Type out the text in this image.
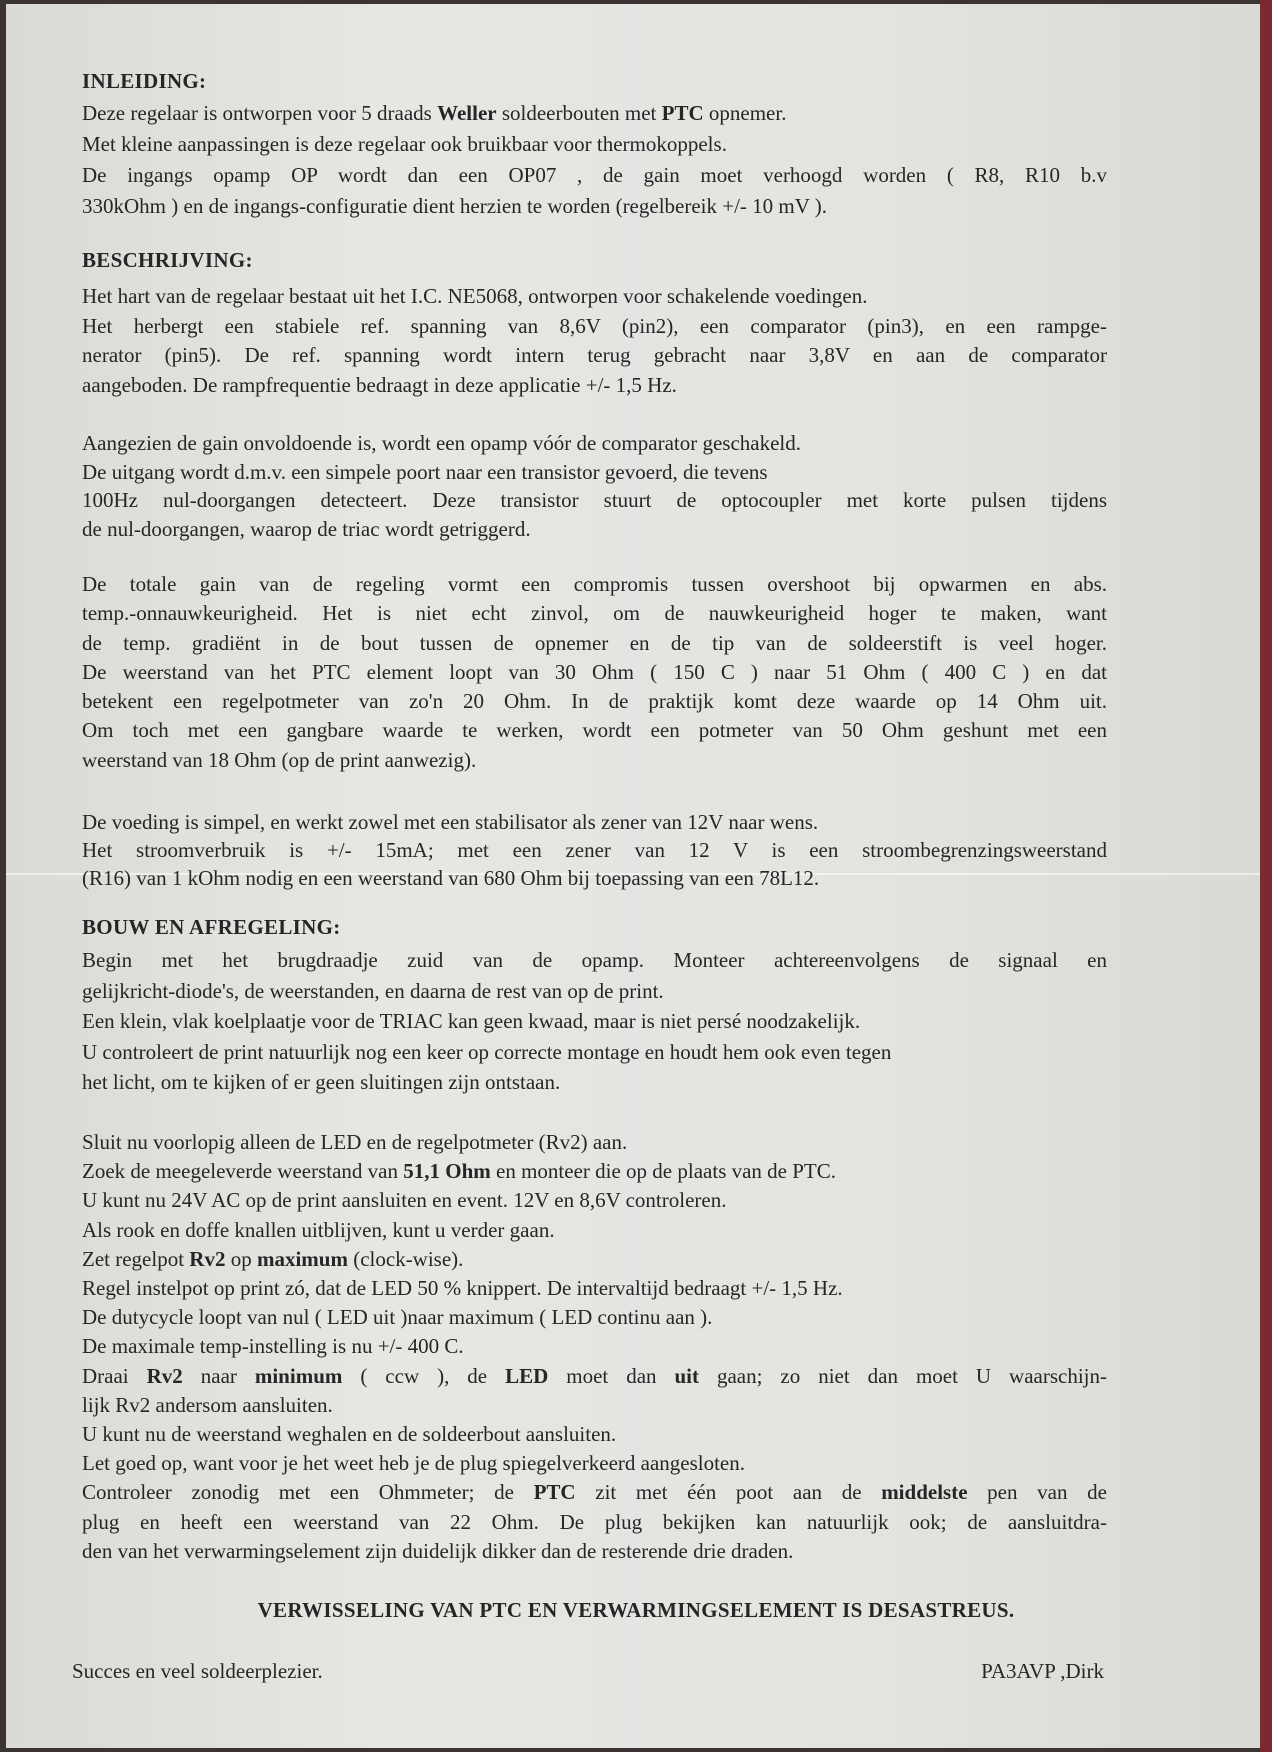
INLEIDING:
Deze regelaar is ontworpen voor 5 draads Weller soldeerbouten met PTC opnemer.
Met kleine aanpassingen is deze regelaar ook bruikbaar voor thermokoppels.
De ingangs opamp OP wordt dan een OP07 , de gain moet verhoogd worden ( R8, R10 b.v
330kOhm ) en de ingangs-configuratie dient herzien te worden (regelbereik +/- 10 mV ).
BESCHRIJVING:
Het hart van de regelaar bestaat uit het I.C. NE5068, ontworpen voor schakelende voedingen.
Het herbergt een stabiele ref. spanning van 8,6V (pin2), een comparator (pin3), en een rampge-
nerator (pin5). De ref. spanning wordt intern terug gebracht naar 3,8V en aan de comparator
aangeboden. De rampfrequentie bedraagt in deze applicatie +/- 1,5 Hz.
Aangezien de gain onvoldoende is, wordt een opamp vóór de comparator geschakeld.
De uitgang wordt d.m.v. een simpele poort naar een transistor gevoerd, die tevens
100Hz nul-doorgangen detecteert. Deze transistor stuurt de optocoupler met korte pulsen tijdens
de nul-doorgangen, waarop de triac wordt getriggerd.
De totale gain van de regeling vormt een compromis tussen overshoot bij opwarmen en abs.
temp.-onnauwkeurigheid. Het is niet echt zinvol, om de nauwkeurigheid hoger te maken, want
de temp. gradiënt in de bout tussen de opnemer en de tip van de soldeerstift is veel hoger.
De weerstand van het PTC element loopt van 30 Ohm ( 150 C ) naar 51 Ohm ( 400 C ) en dat
betekent een regelpotmeter van zo'n 20 Ohm. In de praktijk komt deze waarde op 14 Ohm uit.
Om toch met een gangbare waarde te werken, wordt een potmeter van 50 Ohm geshunt met een
weerstand van 18 Ohm (op de print aanwezig).
De voeding is simpel, en werkt zowel met een stabilisator als zener van 12V naar wens.
Het stroomverbruik is +/- 15mA; met een zener van 12 V is een stroombegrenzingsweerstand
(R16) van 1 kOhm nodig en een weerstand van 680 Ohm bij toepassing van een 78L12.
BOUW EN AFREGELING:
Begin met het brugdraadje zuid van de opamp. Monteer achtereenvolgens de signaal en
gelijkricht-diode's, de weerstanden, en daarna de rest van op de print.
Een klein, vlak koelplaatje voor de TRIAC kan geen kwaad, maar is niet persé noodzakelijk.
U controleert de print natuurlijk nog een keer op correcte montage en houdt hem ook even tegen
het licht, om te kijken of er geen sluitingen zijn ontstaan.
Sluit nu voorlopig alleen de LED en de regelpotmeter (Rv2) aan.
Zoek de meegeleverde weerstand van 51,1 Ohm en monteer die op de plaats van de PTC.
U kunt nu 24V AC op de print aansluiten en event. 12V en 8,6V controleren.
Als rook en doffe knallen uitblijven, kunt u verder gaan.
Zet regelpot Rv2 op maximum (clock-wise).
Regel instelpot op print zó, dat de LED 50 % knippert. De intervaltijd bedraagt +/- 1,5 Hz.
De dutycycle loopt van nul ( LED uit )naar maximum ( LED continu aan ).
De maximale temp-instelling is nu +/- 400 C.
Draai Rv2 naar minimum ( ccw ), de LED moet dan uit gaan; zo niet dan moet U waarschijn-
lijk Rv2 andersom aansluiten.
U kunt nu de weerstand weghalen en de soldeerbout aansluiten.
Let goed op, want voor je het weet heb je de plug spiegelverkeerd aangesloten.
Controleer zonodig met een Ohmmeter; de PTC zit met één poot aan de middelste pen van de
plug en heeft een weerstand van 22 Ohm. De plug bekijken kan natuurlijk ook; de aansluitdra-
den van het verwarmingselement zijn duidelijk dikker dan de resterende drie draden.
VERWISSELING VAN PTC EN VERWARMINGSELEMENT IS DESASTREUS.
Succes en veel soldeerplezier.	PA3AVP ,Dirk
